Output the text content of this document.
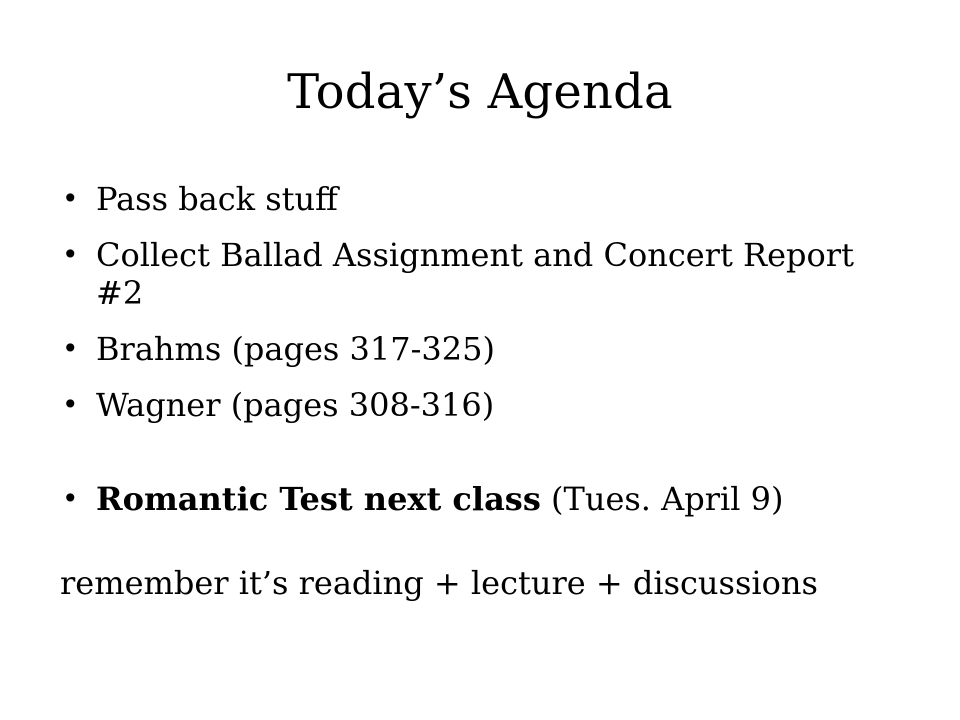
Today’s Agenda
• Pass back stuff
• Collect Ballad Assignment and Concert Report #2
• Brahms (pages 317-325)
• Wagner (pages 308-316)
• Romantic Test next class (Tues. April 9)

remember it’s reading + lecture + discussions
